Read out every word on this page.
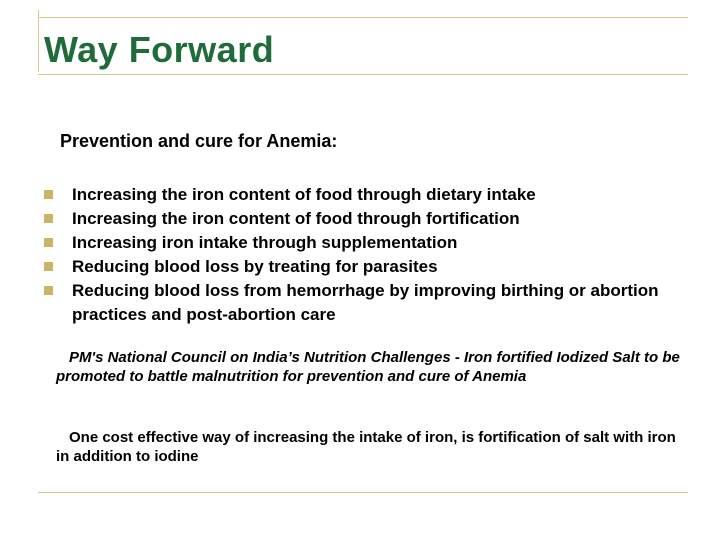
Way Forward
Prevention and cure for Anemia:
Increasing the iron content of food through dietary intake
Increasing the iron content of food through fortification
Increasing iron intake through supplementation
Reducing blood loss by treating for parasites
Reducing blood loss from hemorrhage by improving birthing or abortion practices and post-abortion care
PM's National Council on India’s Nutrition Challenges - Iron fortified Iodized Salt to be promoted to battle malnutrition for prevention and cure of Anemia
One cost effective way of increasing the intake of iron, is fortification of salt with iron in addition to iodine
